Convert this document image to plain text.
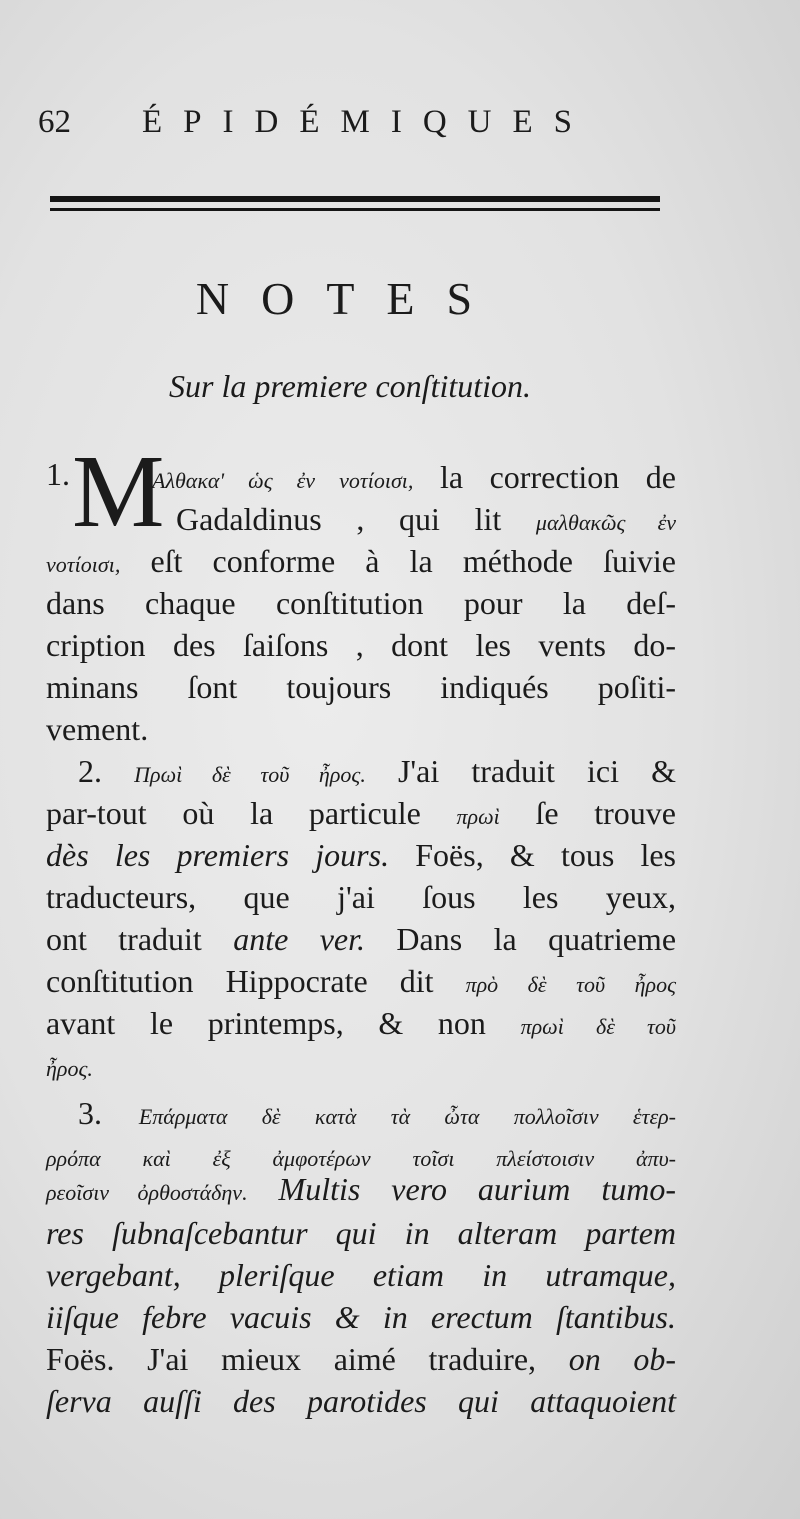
62 ÉPIDÉMIQUES
NOTES
Sur la premiere conſtitution.
1. M
Αλθακα' ὡς ἐν νοτίοισι, la correction de
Gadaldinus , qui lit μαλθακῶς ἐν
νοτίοισι, eſt conforme à la méthode ſuivie
dans chaque conſtitution pour la deſ-
cription des ſaiſons , dont les vents do-
minans ſont toujours indiqués poſiti-
vement.
2. Πρωὶ δὲ τοῦ ἦρος. J'ai traduit ici &
par-tout où la particule πρωὶ ſe trouve
dès les premiers jours. Foës, & tous les
traducteurs, que j'ai ſous les yeux,
ont traduit ante ver. Dans la quatrieme
conſtitution Hippocrate dit πρὸ δὲ τοῦ ἦρος
avant le printemps, & non πρωὶ δὲ τοῦ
ἦρος.
3. Επάρματα δὲ κατὰ τὰ ὦτα πολλοῖσιν ἑτερ-
ρρόπα καὶ ἐξ ἀμφοτέρων τοῖσι πλείστοισιν ἀπυ-
ρεοῖσιν ὀρθοστάδην. Multis vero aurium tumo-
res ſubnaſcebantur qui in alteram partem
vergebant, pleriſque etiam in utramque,
iiſque febre vacuis & in erectum ſtantibus.
Foës. J'ai mieux aimé traduire, on ob-
ſerva auſſi des parotides qui attaquoient
